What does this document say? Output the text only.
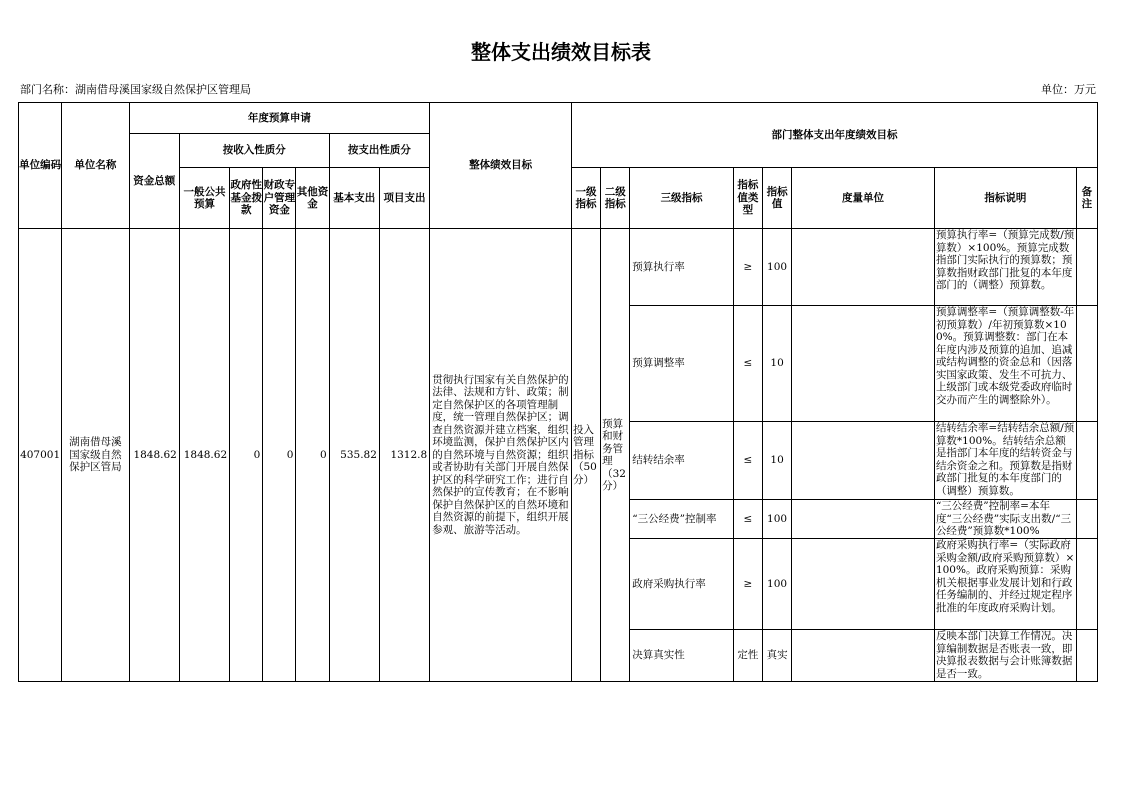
整体支出绩效目标表
部门名称：湖南借母溪国家级自然保护区管理局	单位：万元
单位编码	单位名称	年度预算申请							整体绩效目标	部门整体支出年度绩效目标							
		资金总额	按收入性质分				按支出性质分										
			一般公共预算	政府性基金拨款	财政专户管理资金	其他资金	基本支出	项目支出		一级指标	二级指标	三级指标	指标值类型	指标值	度量单位	指标说明	备注

407001	湖南借母溪国家级自然保护区管局	1848.62	1848.62	0	0	0	535.82	1312.8	贯彻执行国家有关自然保护的法律、法规和方针、政策；制定自然保护区的各项管理制度，统一管理自然保护区；调查自然资源并建立档案，组织环境监测，保护自然保护区内的自然环境与自然资源；组织或者协助有关部门开展自然保护区的科学研究工作；进行自然保护的宣传教育；在不影响保护自然保护区的自然环境和自然资源的前提下，组织开展参观、旅游等活动。	投入管理指标（50分）	预算和财务管理（32分）	预算执行率	≥	100		预算执行率=（预算完成数/预算数）×100%。预算完成数指部门实际执行的预算数；预算数指财政部门批复的本年度部门的（调整）预算数。	

												预算调整率	≤	10		预算调整率=（预算调整数-年初预算数）/年初预算数×100%。预算调整数：部门在本年度内涉及预算的追加、追减或结构调整的资金总和（因落实国家政策、发生不可抗力、上级部门或本级党委政府临时交办而产生的调整除外）。	

												结转结余率	≤	10		结转结余率=结转结余总额/预算数*100%。结转结余总额是指部门本年度的结转资金与结余资金之和。预算数是指财政部门批复的本年度部门的（调整）预算数。	

												“三公经费”控制率	≤	100		“三公经费”控制率=本年度“三公经费”实际支出数/“三公经费”预算数*100%	

												政府采购执行率	≥	100		政府采购执行率=（实际政府采购金额/政府采购预算数）×100%。政府采购预算：采购机关根据事业发展计划和行政任务编制的、并经过规定程序批准的年度政府采购计划。	

												决算真实性	定性	真实		反映本部门决算工作情况。决算编制数据是否账表一致，即决算报表数据与会计账簿数据是否一致。	
